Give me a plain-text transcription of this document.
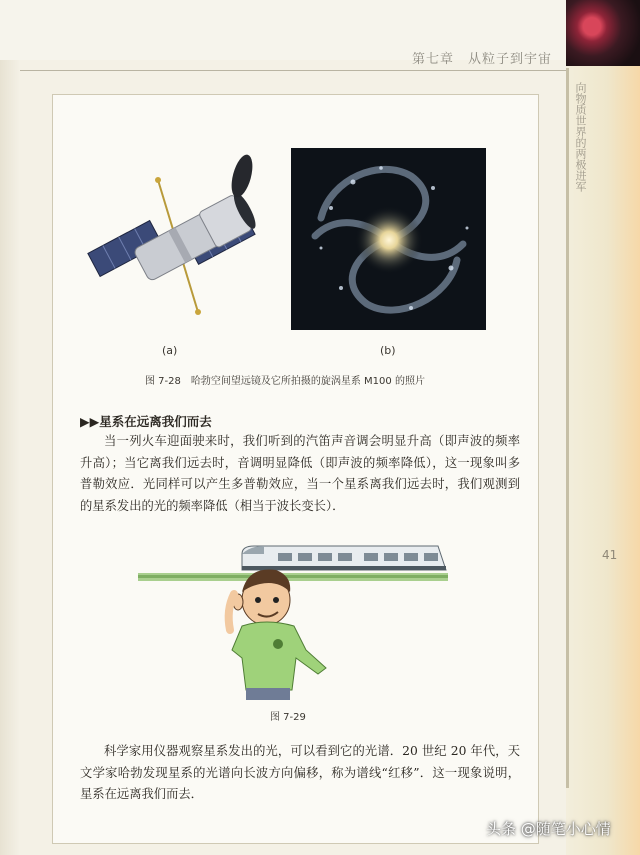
第七章　从粒子到宇宙
向物质世界的两极进军
41
(a)	(b)
图 7-28　哈勃空间望远镜及它所拍摄的旋涡星系 M100 的照片
▶▶星系在远离我们而去
当一列火车迎面驶来时，我们听到的汽笛声音调会明显升高（即声波的频率升高）；当它离我们远去时，音调明显降低（即声波的频率降低），这一现象叫多普勒效应．光同样可以产生多普勒效应，当一个星系离我们远去时，我们观测到的星系发出的光的频率降低（相当于波长变长）．
图 7-29
科学家用仪器观察星系发出的光，可以看到它的光谱．20 世纪 20 年代，天文学家哈勃发现星系的光谱向长波方向偏移，称为谱线“红移”．这一现象说明，星系在远离我们而去．
头条 @随笔小心情
